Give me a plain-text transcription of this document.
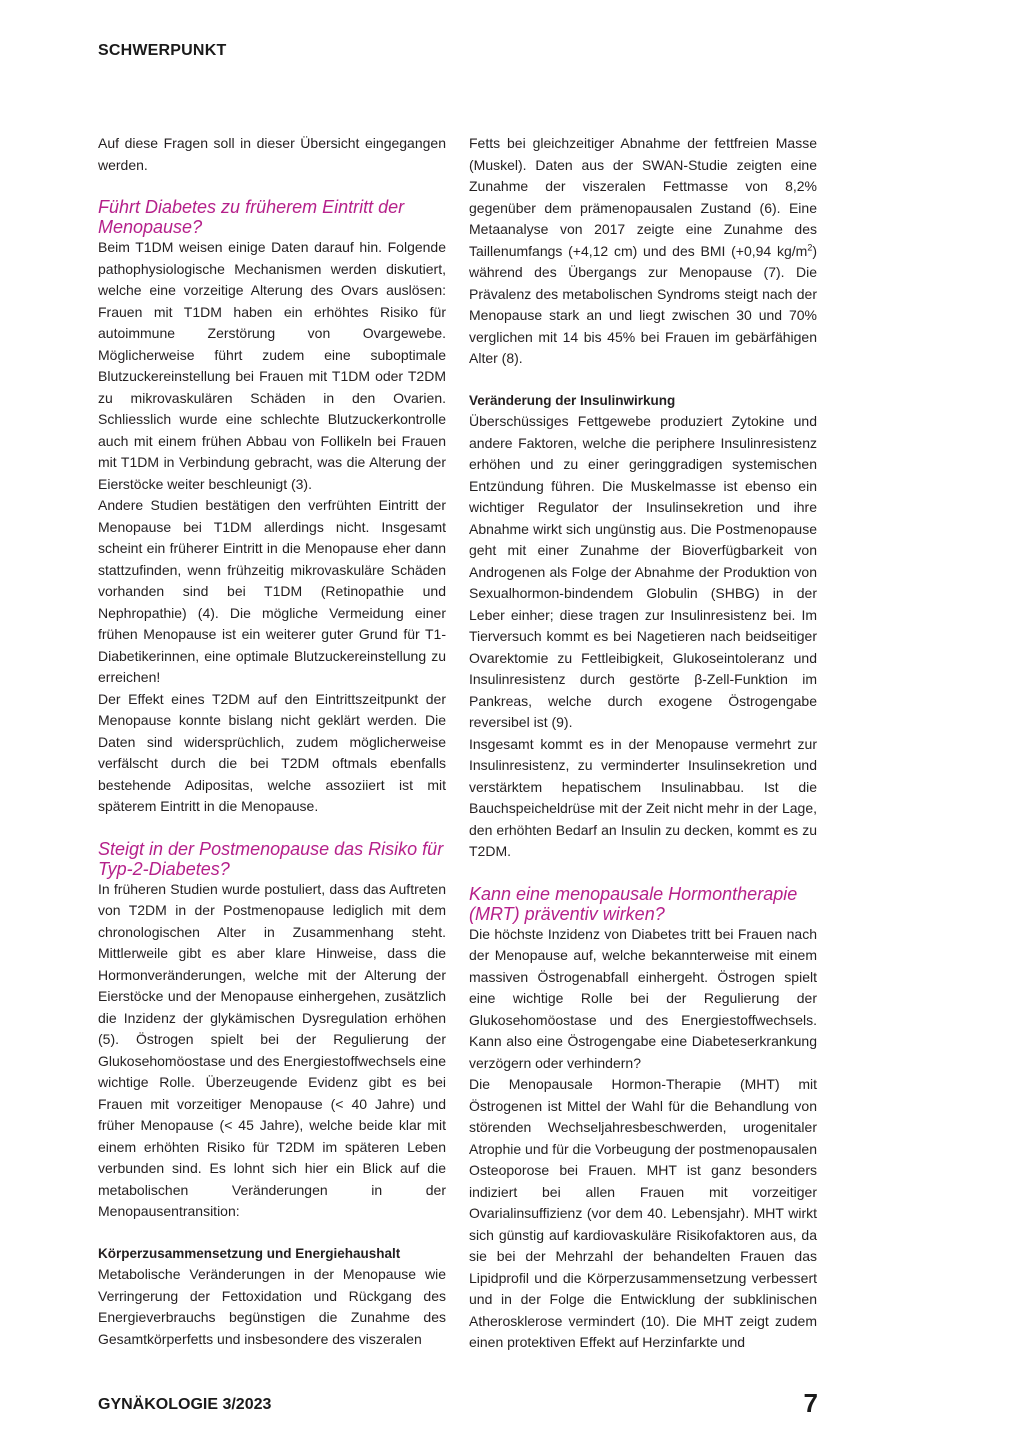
SCHWERPUNKT

Auf diese Fragen soll in dieser Übersicht eingegangen werden.

Führt Diabetes zu früherem Eintritt der Menopause?

Beim T1DM weisen einige Daten darauf hin. Folgende pathophysiologische Mechanismen werden diskutiert, welche eine vorzeitige Alterung des Ovars auslösen: Frauen mit T1DM haben ein erhöhtes Risiko für autoimmune Zerstörung von Ovargewebe. Möglicherweise führt zudem eine suboptimale Blutzuckereinstellung bei Frauen mit T1DM oder T2DM zu mikrovaskulären Schäden in den Ovarien. Schliesslich wurde eine schlechte Blutzuckerkontrolle auch mit einem frühen Abbau von Follikeln bei Frauen mit T1DM in Verbindung gebracht, was die Alterung der Eierstöcke weiter beschleunigt (3).

Andere Studien bestätigen den verfrühten Eintritt der Menopause bei T1DM allerdings nicht. Insgesamt scheint ein früherer Eintritt in die Menopause eher dann stattzufinden, wenn frühzeitig mikrovaskuläre Schäden vorhanden sind bei T1DM (Retinopathie und Nephropathie) (4). Die mögliche Vermeidung einer frühen Menopause ist ein weiterer guter Grund für T1-Diabetikerinnen, eine optimale Blutzuckereinstellung zu erreichen!

Der Effekt eines T2DM auf den Eintrittszeitpunkt der Menopause konnte bislang nicht geklärt werden. Die Daten sind widersprüchlich, zudem möglicherweise verfälscht durch die bei T2DM oftmals ebenfalls bestehende Adipositas, welche assoziiert ist mit späterem Eintritt in die Menopause.

Steigt in der Postmenopause das Risiko für Typ-2-Diabetes?

In früheren Studien wurde postuliert, dass das Auftreten von T2DM in der Postmenopause lediglich mit dem chronologischen Alter in Zusammenhang steht. Mittlerweile gibt es aber klare Hinweise, dass die Hormonveränderungen, welche mit der Alterung der Eierstöcke und der Menopause einhergehen, zusätzlich die Inzidenz der glykämischen Dysregulation erhöhen (5). Östrogen spielt bei der Regulierung der Glukosehomöostase und des Energiestoffwechsels eine wichtige Rolle. Überzeugende Evidenz gibt es bei Frauen mit vorzeitiger Menopause (< 40 Jahre) und früher Menopause (< 45 Jahre), welche beide klar mit einem erhöhten Risiko für T2DM im späteren Leben verbunden sind. Es lohnt sich hier ein Blick auf die metabolischen Veränderungen in der Menopausentransition:

Körperzusammensetzung und Energiehaushalt

Metabolische Veränderungen in der Menopause wie Verringerung der Fettoxidation und Rückgang des Energieverbrauchs begünstigen die Zunahme des Gesamtkörperfetts und insbesondere des viszeralen

Fetts bei gleichzeitiger Abnahme der fettfreien Masse (Muskel). Daten aus der SWAN-Studie zeigten eine Zunahme der viszeralen Fettmasse von 8,2% gegenüber dem prämenopausalen Zustand (6). Eine Metaanalyse von 2017 zeigte eine Zunahme des Taillenumfangs (+4,12 cm) und des BMI (+0,94 $kg/m^2$) während des Übergangs zur Menopause (7). Die Prävalenz des metabolischen Syndroms steigt nach der Menopause stark an und liegt zwischen 30 und 70% verglichen mit 14 bis 45% bei Frauen im gebärfähigen Alter (8).

Veränderung der Insulinwirkung

Überschüssiges Fettgewebe produziert Zytokine und andere Faktoren, welche die periphere Insulinresistenz erhöhen und zu einer geringgradigen systemischen Entzündung führen. Die Muskelmasse ist ebenso ein wichtiger Regulator der Insulinsekretion und ihre Abnahme wirkt sich ungünstig aus. Die Postmenopause geht mit einer Zunahme der Bioverfügbarkeit von Androgenen als Folge der Abnahme der Produktion von Sexualhormon-bindendem Globulin (SHBG) in der Leber einher; diese tragen zur Insulinresistenz bei. Im Tierversuch kommt es bei Nagetieren nach beidseitiger Ovarektomie zu Fettleibigkeit, Glukoseintoleranz und Insulinresistenz durch gestörte β-Zell-Funktion im Pankreas, welche durch exogene Östrogengabe reversibel ist (9).

Insgesamt kommt es in der Menopause vermehrt zur Insulinresistenz, zu verminderter Insulinsekretion und verstärktem hepatischem Insulinabbau. Ist die Bauchspeicheldrüse mit der Zeit nicht mehr in der Lage, den erhöhten Bedarf an Insulin zu decken, kommt es zu T2DM.

Kann eine menopausale Hormontherapie (MRT) präventiv wirken?

Die höchste Inzidenz von Diabetes tritt bei Frauen nach der Menopause auf, welche bekannterweise mit einem massiven Östrogenabfall einhergeht. Östrogen spielt eine wichtige Rolle bei der Regulierung der Glukosehomöostase und des Energiestoffwechsels. Kann also eine Östrogengabe eine Diabeteserkrankung verzögern oder verhindern?

Die Menopausale Hormon-Therapie (MHT) mit Östrogenen ist Mittel der Wahl für die Behandlung von störenden Wechseljahresbeschwerden, urogenitaler Atrophie und für die Vorbeugung der postmenopausalen Osteoporose bei Frauen. MHT ist ganz besonders indiziert bei allen Frauen mit vorzeitiger Ovarialinsuffizienz (vor dem 40. Lebensjahr). MHT wirkt sich günstig auf kardiovaskuläre Risikofaktoren aus, da sie bei der Mehrzahl der behandelten Frauen das Lipidprofil und die Körperzusammensetzung verbessert und in der Folge die Entwicklung der subklinischen Atherosklerose vermindert (10). Die MHT zeigt zudem einen protektiven Effekt auf Herzinfarkte und

GYNÄKOLOGIE 3/2023	7
